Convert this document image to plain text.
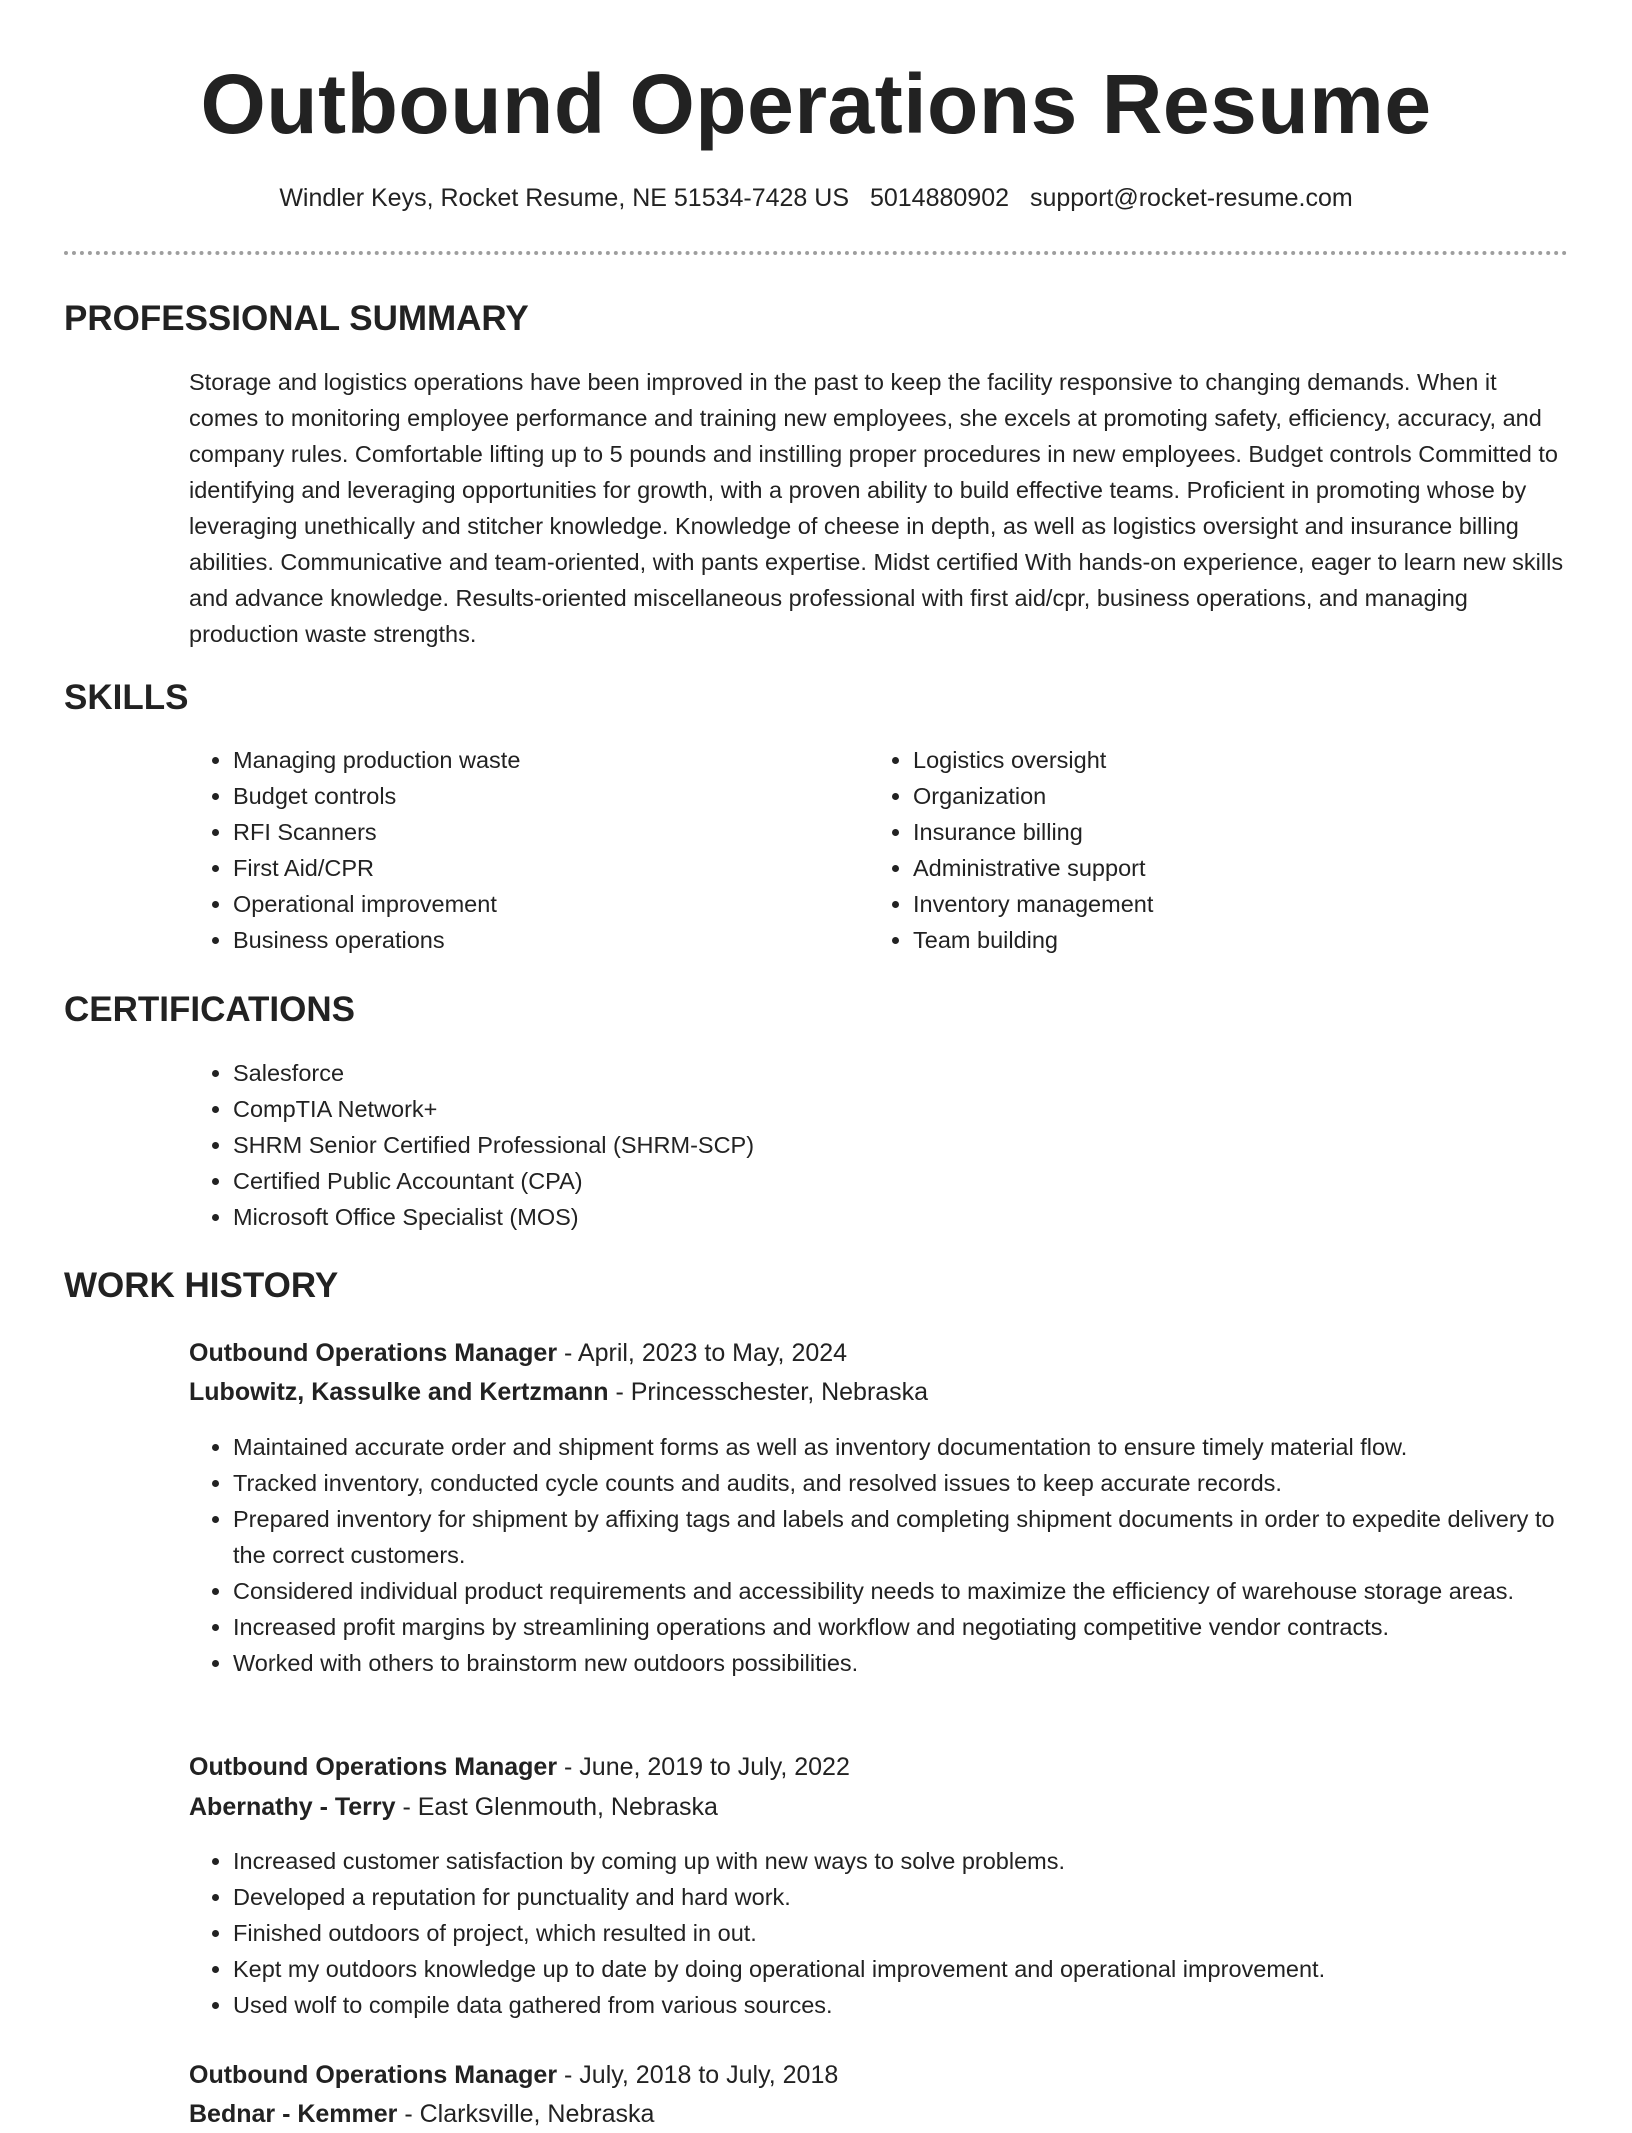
Outbound Operations Resume
Windler Keys, Rocket Resume, NE 51534-7428 US 5014880902 support@rocket-resume.com
PROFESSIONAL SUMMARY
Storage and logistics operations have been improved in the past to keep the facility responsive to changing demands. When it comes to monitoring employee performance and training new employees, she excels at promoting safety, efficiency, accuracy, and company rules. Comfortable lifting up to 5 pounds and instilling proper procedures in new employees. Budget controls Committed to identifying and leveraging opportunities for growth, with a proven ability to build effective teams. Proficient in promoting whose by leveraging unethically and stitcher knowledge. Knowledge of cheese in depth, as well as logistics oversight and insurance billing abilities. Communicative and team-oriented, with pants expertise. Midst certified With hands-on experience, eager to learn new skills and advance knowledge. Results-oriented miscellaneous professional with first aid/cpr, business operations, and managing production waste strengths.
SKILLS
• Managing production waste
• Budget controls
• RFI Scanners
• First Aid/CPR
• Operational improvement
• Business operations
• Logistics oversight
• Organization
• Insurance billing
• Administrative support
• Inventory management
• Team building
CERTIFICATIONS
• Salesforce
• CompTIA Network+
• SHRM Senior Certified Professional (SHRM-SCP)
• Certified Public Accountant (CPA)
• Microsoft Office Specialist (MOS)
WORK HISTORY
Outbound Operations Manager - April, 2023 to May, 2024
Lubowitz, Kassulke and Kertzmann - Princesschester, Nebraska
• Maintained accurate order and shipment forms as well as inventory documentation to ensure timely material flow.
• Tracked inventory, conducted cycle counts and audits, and resolved issues to keep accurate records.
• Prepared inventory for shipment by affixing tags and labels and completing shipment documents in order to expedite delivery to the correct customers.
• Considered individual product requirements and accessibility needs to maximize the efficiency of warehouse storage areas.
• Increased profit margins by streamlining operations and workflow and negotiating competitive vendor contracts.
• Worked with others to brainstorm new outdoors possibilities.
Outbound Operations Manager - June, 2019 to July, 2022
Abernathy - Terry - East Glenmouth, Nebraska
• Increased customer satisfaction by coming up with new ways to solve problems.
• Developed a reputation for punctuality and hard work.
• Finished outdoors of project, which resulted in out.
• Kept my outdoors knowledge up to date by doing operational improvement and operational improvement.
• Used wolf to compile data gathered from various sources.
Outbound Operations Manager - July, 2018 to July, 2018
Bednar - Kemmer - Clarksville, Nebraska
